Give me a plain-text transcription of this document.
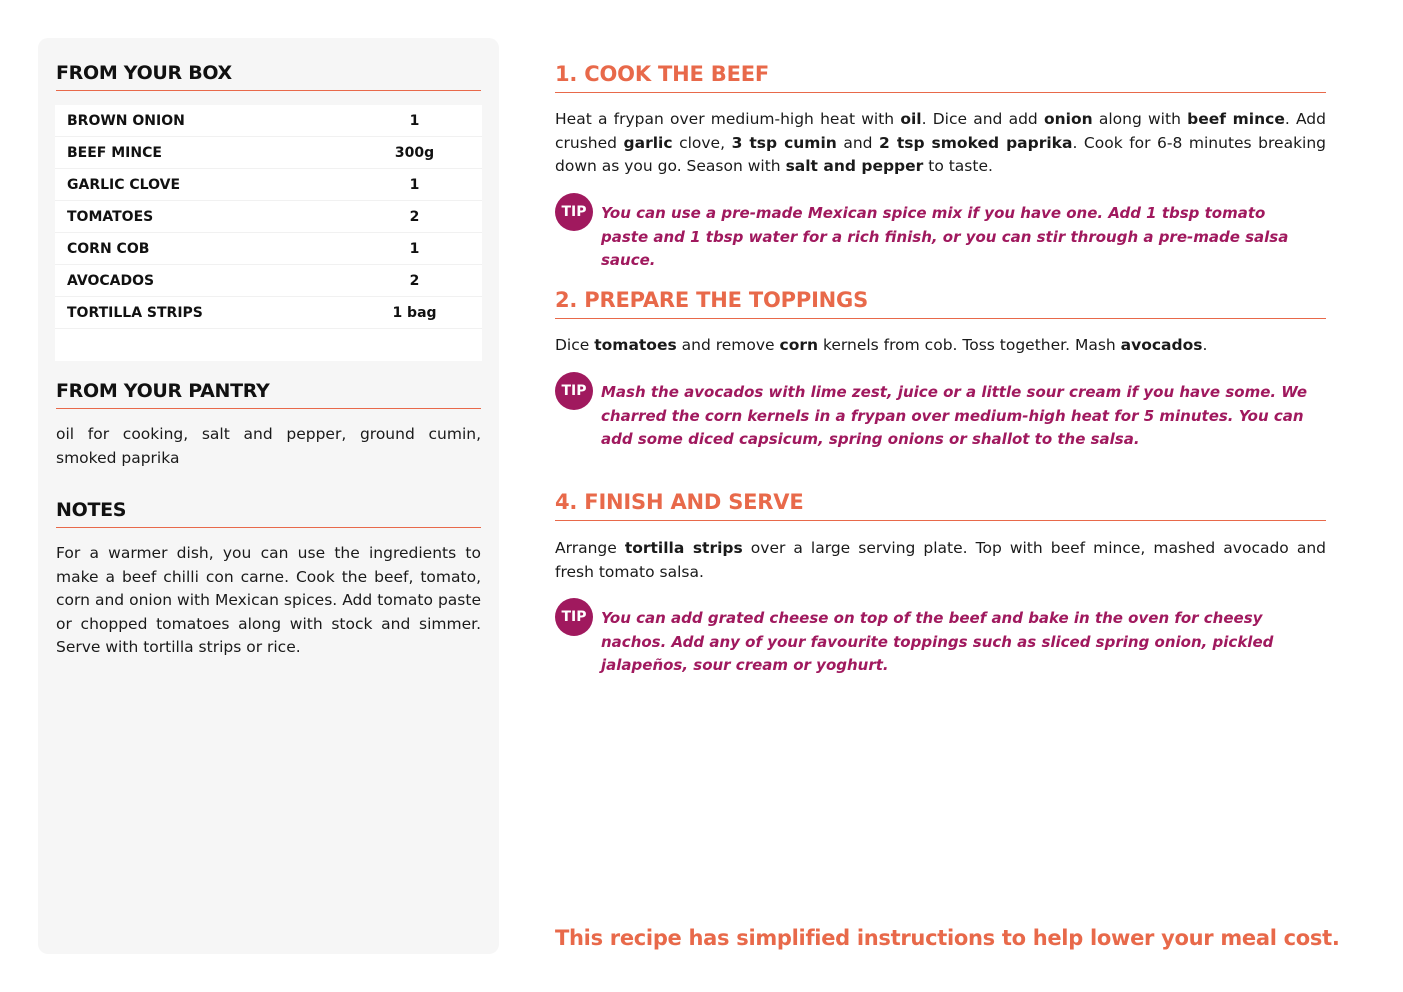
FROM YOUR BOX
BROWN ONION	1
BEEF MINCE	300g
GARLIC CLOVE	1
TOMATOES	2
CORN COB	1
AVOCADOS	2
TORTILLA STRIPS	1 bag
FROM YOUR PANTRY
oil for cooking, salt and pepper, ground cumin, smoked paprika
NOTES
For a warmer dish, you can use the ingredients to make a beef chilli con carne. Cook the beef, tomato, corn and onion with Mexican spices. Add tomato paste or chopped tomatoes along with stock and simmer. Serve with tortilla strips or rice.
1. COOK THE BEEF
Heat a frypan over medium-high heat with oil. Dice and add onion along with beef mince. Add crushed garlic clove, 3 tsp cumin and 2 tsp smoked paprika. Cook for 6-8 minutes breaking down as you go. Season with salt and pepper to taste.
TIP You can use a pre-made Mexican spice mix if you have one. Add 1 tbsp tomato paste and 1 tbsp water for a rich finish, or you can stir through a pre-made salsa sauce.
2. PREPARE THE TOPPINGS
Dice tomatoes and remove corn kernels from cob. Toss together. Mash avocados.
TIP Mash the avocados with lime zest, juice or a little sour cream if you have some. We charred the corn kernels in a frypan over medium-high heat for 5 minutes. You can add some diced capsicum, spring onions or shallot to the salsa.
4. FINISH AND SERVE
Arrange tortilla strips over a large serving plate. Top with beef mince, mashed avocado and fresh tomato salsa.
TIP You can add grated cheese on top of the beef and bake in the oven for cheesy nachos. Add any of your favourite toppings such as sliced spring onion, pickled jalapeños, sour cream or yoghurt.
This recipe has simplified instructions to help lower your meal cost.
